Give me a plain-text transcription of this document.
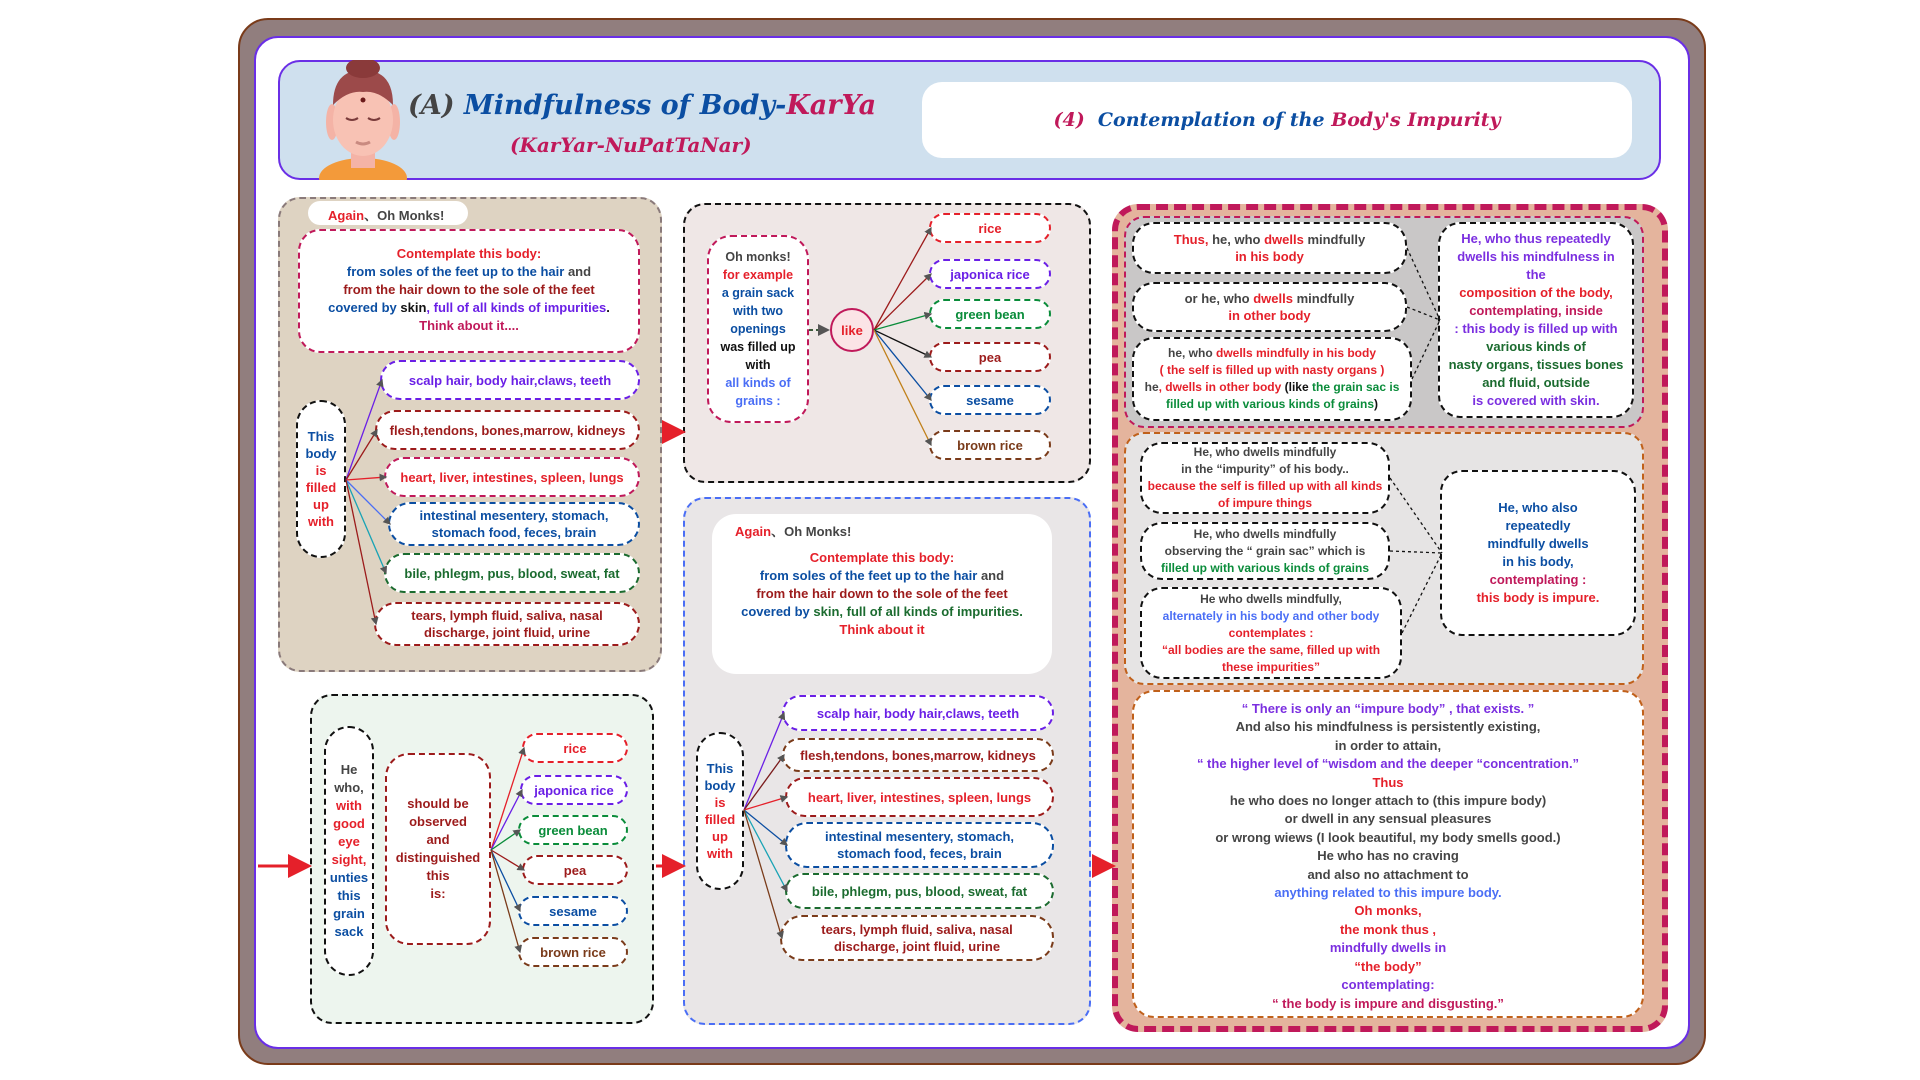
(A) Mindfulness of Body-KarYa
(KarYar-NuPatTaNar)
(4)
Contemplation of the
Body's Impurity
Again、Oh Monks!
Contemplate this body:
from soles of the feet up to the hair and
from the hair down to the sole of the feet
covered by skin, full of all kinds of impurities.
Think about it....
This
body
is
filled
up
with
scalp hair, body hair,claws, teeth
flesh,tendons, bones,marrow, kidneys
heart, liver, intestines, spleen, lungs
intestinal mesentery, stomach, stomach food, feces, brain
bile, phlegm, pus, blood, sweat, fat
tears, lymph fluid, saliva, nasal discharge, joint fluid, urine
Oh monks!
for example
a grain sack with two openings
was filled up with
all kinds of grains :
like
rice
japonica rice
green bean
pea
sesame
brown rice
He
who,
with
good
eye
sight,
unties
this
grain
sack
should be
observed
and
distinguished
this
is:
rice
japonica rice
green bean
pea
sesame
brown rice
Again、Oh Monks!
Contemplate this body:
from soles of the feet up to the hair and
from the hair down to the sole of the feet
covered by skin, full of all kinds of impurities.
Think about it
This
body
is
filled
up
with
scalp hair, body hair,claws, teeth
flesh,tendons, bones,marrow, kidneys
heart, liver, intestines, spleen, lungs
intestinal mesentery, stomach, stomach food, feces, brain
bile, phlegm, pus, blood, sweat, fat
tears, lymph fluid, saliva, nasal discharge, joint fluid, urine
Thus, he, who dwells mindfully
in his body
or he, who dwells mindfully
in other body
he, who dwells mindfully in his body
( the self is filled up with nasty organs )
he, dwells in other body (like the grain sac is filled up with various kinds of grains)
He, who thus repeatedly
dwells his mindfulness in
the
composition of the body,
contemplating, inside
: this body is filled up with
various kinds of
nasty organs, tissues bones
and fluid, outside
is covered with skin.
He, who dwells mindfully
in the “impurity” of his body..
because the self is filled up with all kinds
of impure things
He, who dwells mindfully
observing the “ grain sac” which is
filled up with various kinds of grains
He who dwells mindfully,
alternately in his body and other body
contemplates :
“all bodies are the same, filled up with
these impurities”
He, who also
repeatedly
mindfully dwells
in his body,
contemplating :
this body is impure.
“ There is only an “impure body” , that exists. ”
And also his mindfulness is persistently existing,
in order to attain,
“ the higher level of “wisdom and the deeper “concentration.”
Thus
he who does no longer attach to (this impure body)
or dwell in any sensual pleasures
or wrong wiews (I look beautiful, my body smells good.)
He who has no craving
and also no attachment to
anything related to this impure body.
Oh monks,
the monk thus ,
mindfully dwells in
“the body”
contemplating:
“ the body is impure and disgusting.”
